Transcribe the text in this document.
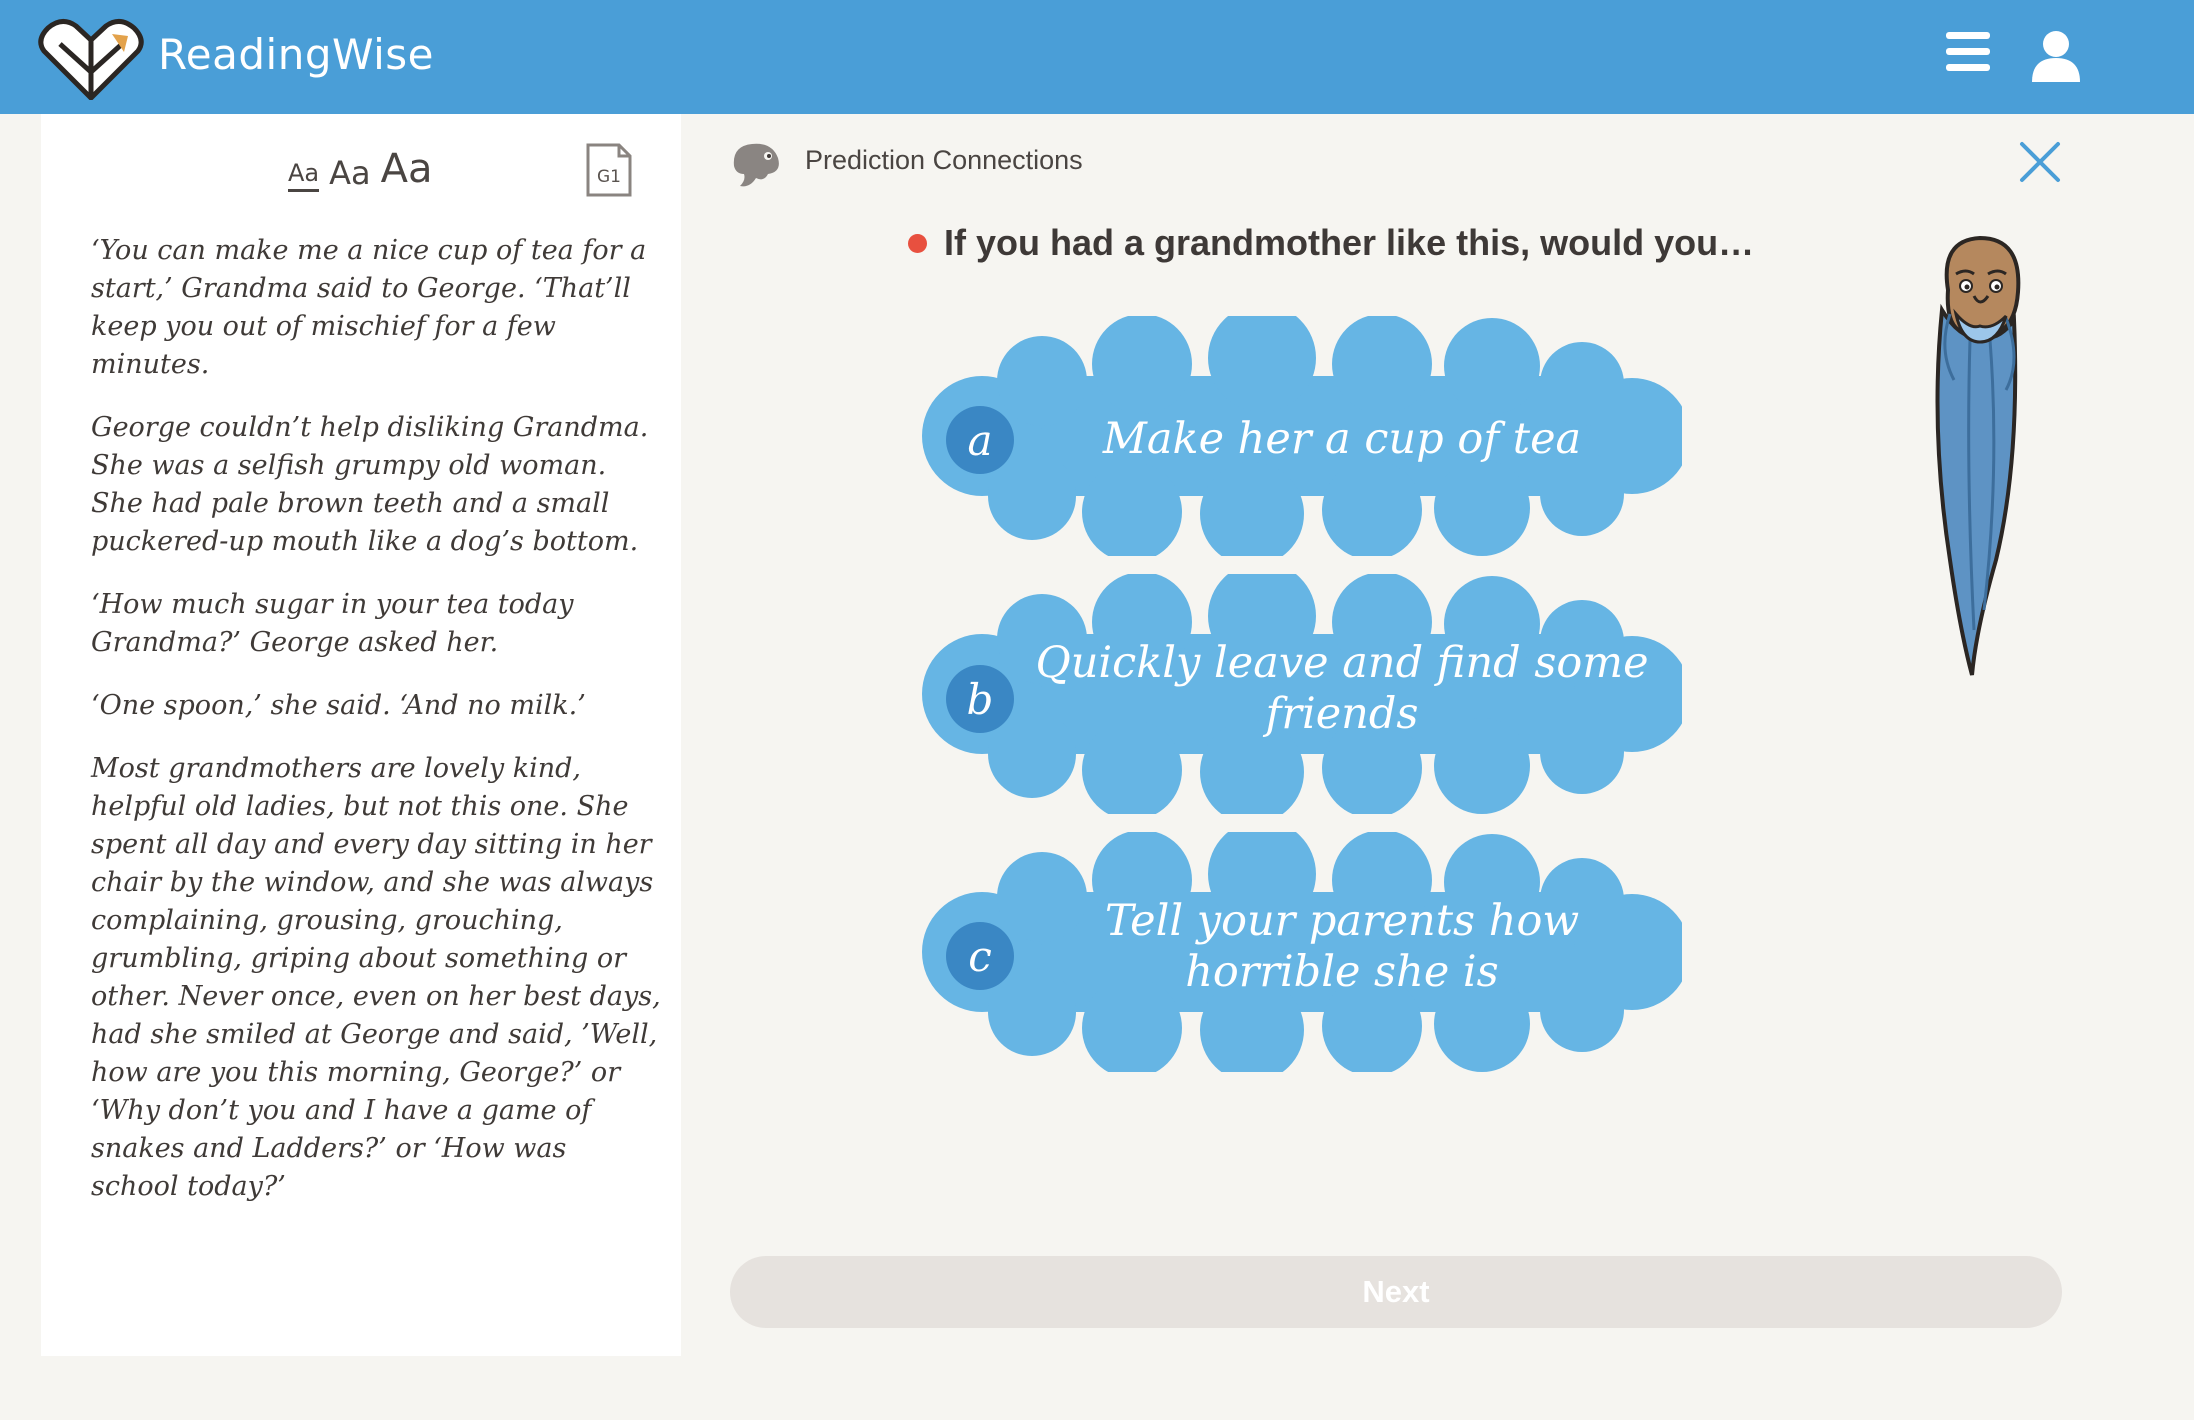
ReadingWise
Aa Aa Aa	G1

‘You can make me a nice cup of tea for a start,’ Grandma said to George. ‘That’ll keep you out of mischief for a few minutes.

George couldn’t help disliking Grandma. She was a selfish grumpy old woman. She had pale brown teeth and a small puckered-up mouth like a dog’s bottom.

‘How much sugar in your tea today Grandma?’ George asked her.

‘One spoon,’ she said. ‘And no milk.’

Most grandmothers are lovely kind, helpful old ladies, but not this one. She spent all day and every day sitting in her chair by the window, and she was always complaining, grousing, grouching, grumbling, griping about something or other. Never once, even on her best days, had she smiled at George and said, ’Well, how are you this morning, George?’ or ‘Why don’t you and I have a game of snakes and Ladders?’ or ‘How was school today?’

Prediction Connections
If you had a grandmother like this, would you…
a	Make her a cup of tea
b
Quickly leave and find some friends
c
Tell your parents how horrible she is
Next
